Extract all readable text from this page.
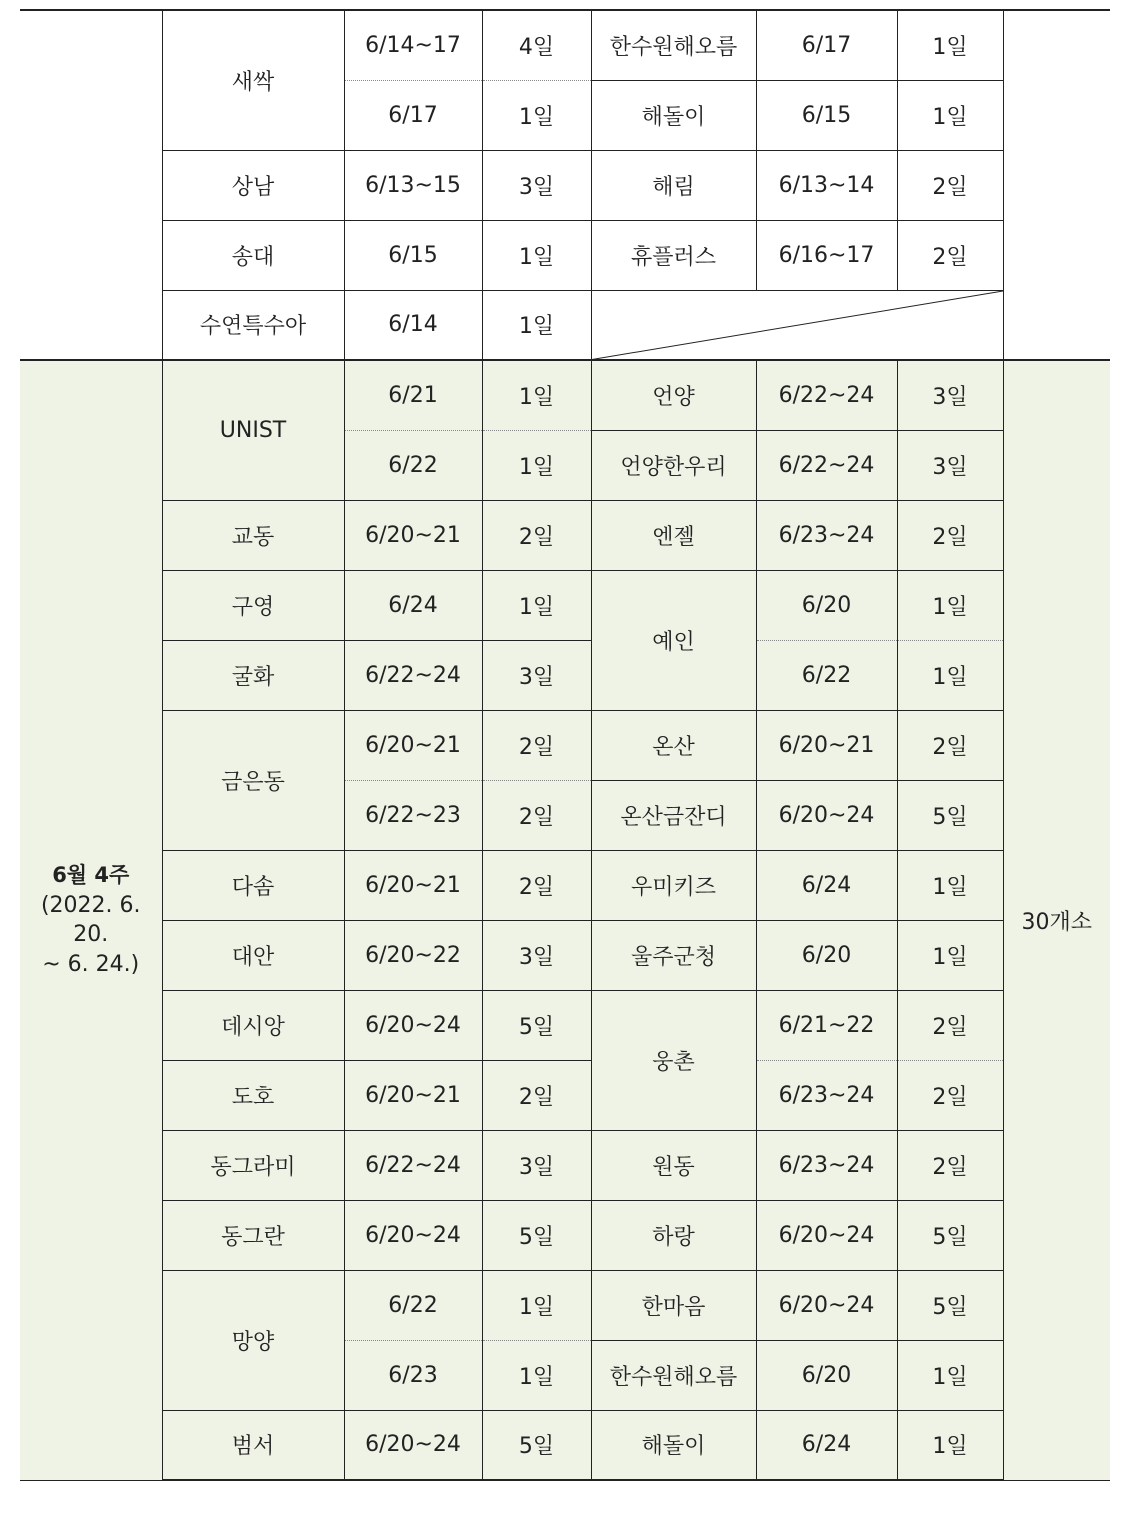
	새싹	6/14~17	4일	한수원해오름	6/17	1일	
		6/17	1일	해돌이	6/15	1일	
	상남	6/13~15	3일	해림	6/13~14	2일	
	송대	6/15	1일	휴플러스	6/16~17	2일	
	수연특수아	6/14	1일	

6월 4주
(2022. 6. 20.
~ 6. 24.)	UNIST	6/21	1일	언양	6/22~24	3일	30개소
		6/22	1일	언양한우리	6/22~24	3일	
	교동	6/20~21	2일	엔젤	6/23~24	2일	
	구영	6/24	1일	예인	6/20	1일	
	굴화	6/22~24	3일		6/22	1일	
	금은동	6/20~21	2일	온산	6/20~21	2일	
		6/22~23	2일	온산금잔디	6/20~24	5일	
	다솜	6/20~21	2일	우미키즈	6/24	1일	
	대안	6/20~22	3일	울주군청	6/20	1일	
	데시앙	6/20~24	5일	웅촌	6/21~22	2일	
	도호	6/20~21	2일		6/23~24	2일	
	동그라미	6/22~24	3일	원동	6/23~24	2일	
	동그란	6/20~24	5일	하랑	6/20~24	5일	
	망양	6/22	1일	한마음	6/20~24	5일	
		6/23	1일	한수원해오름	6/20	1일	
	범서	6/20~24	5일	해돌이	6/24	1일	
